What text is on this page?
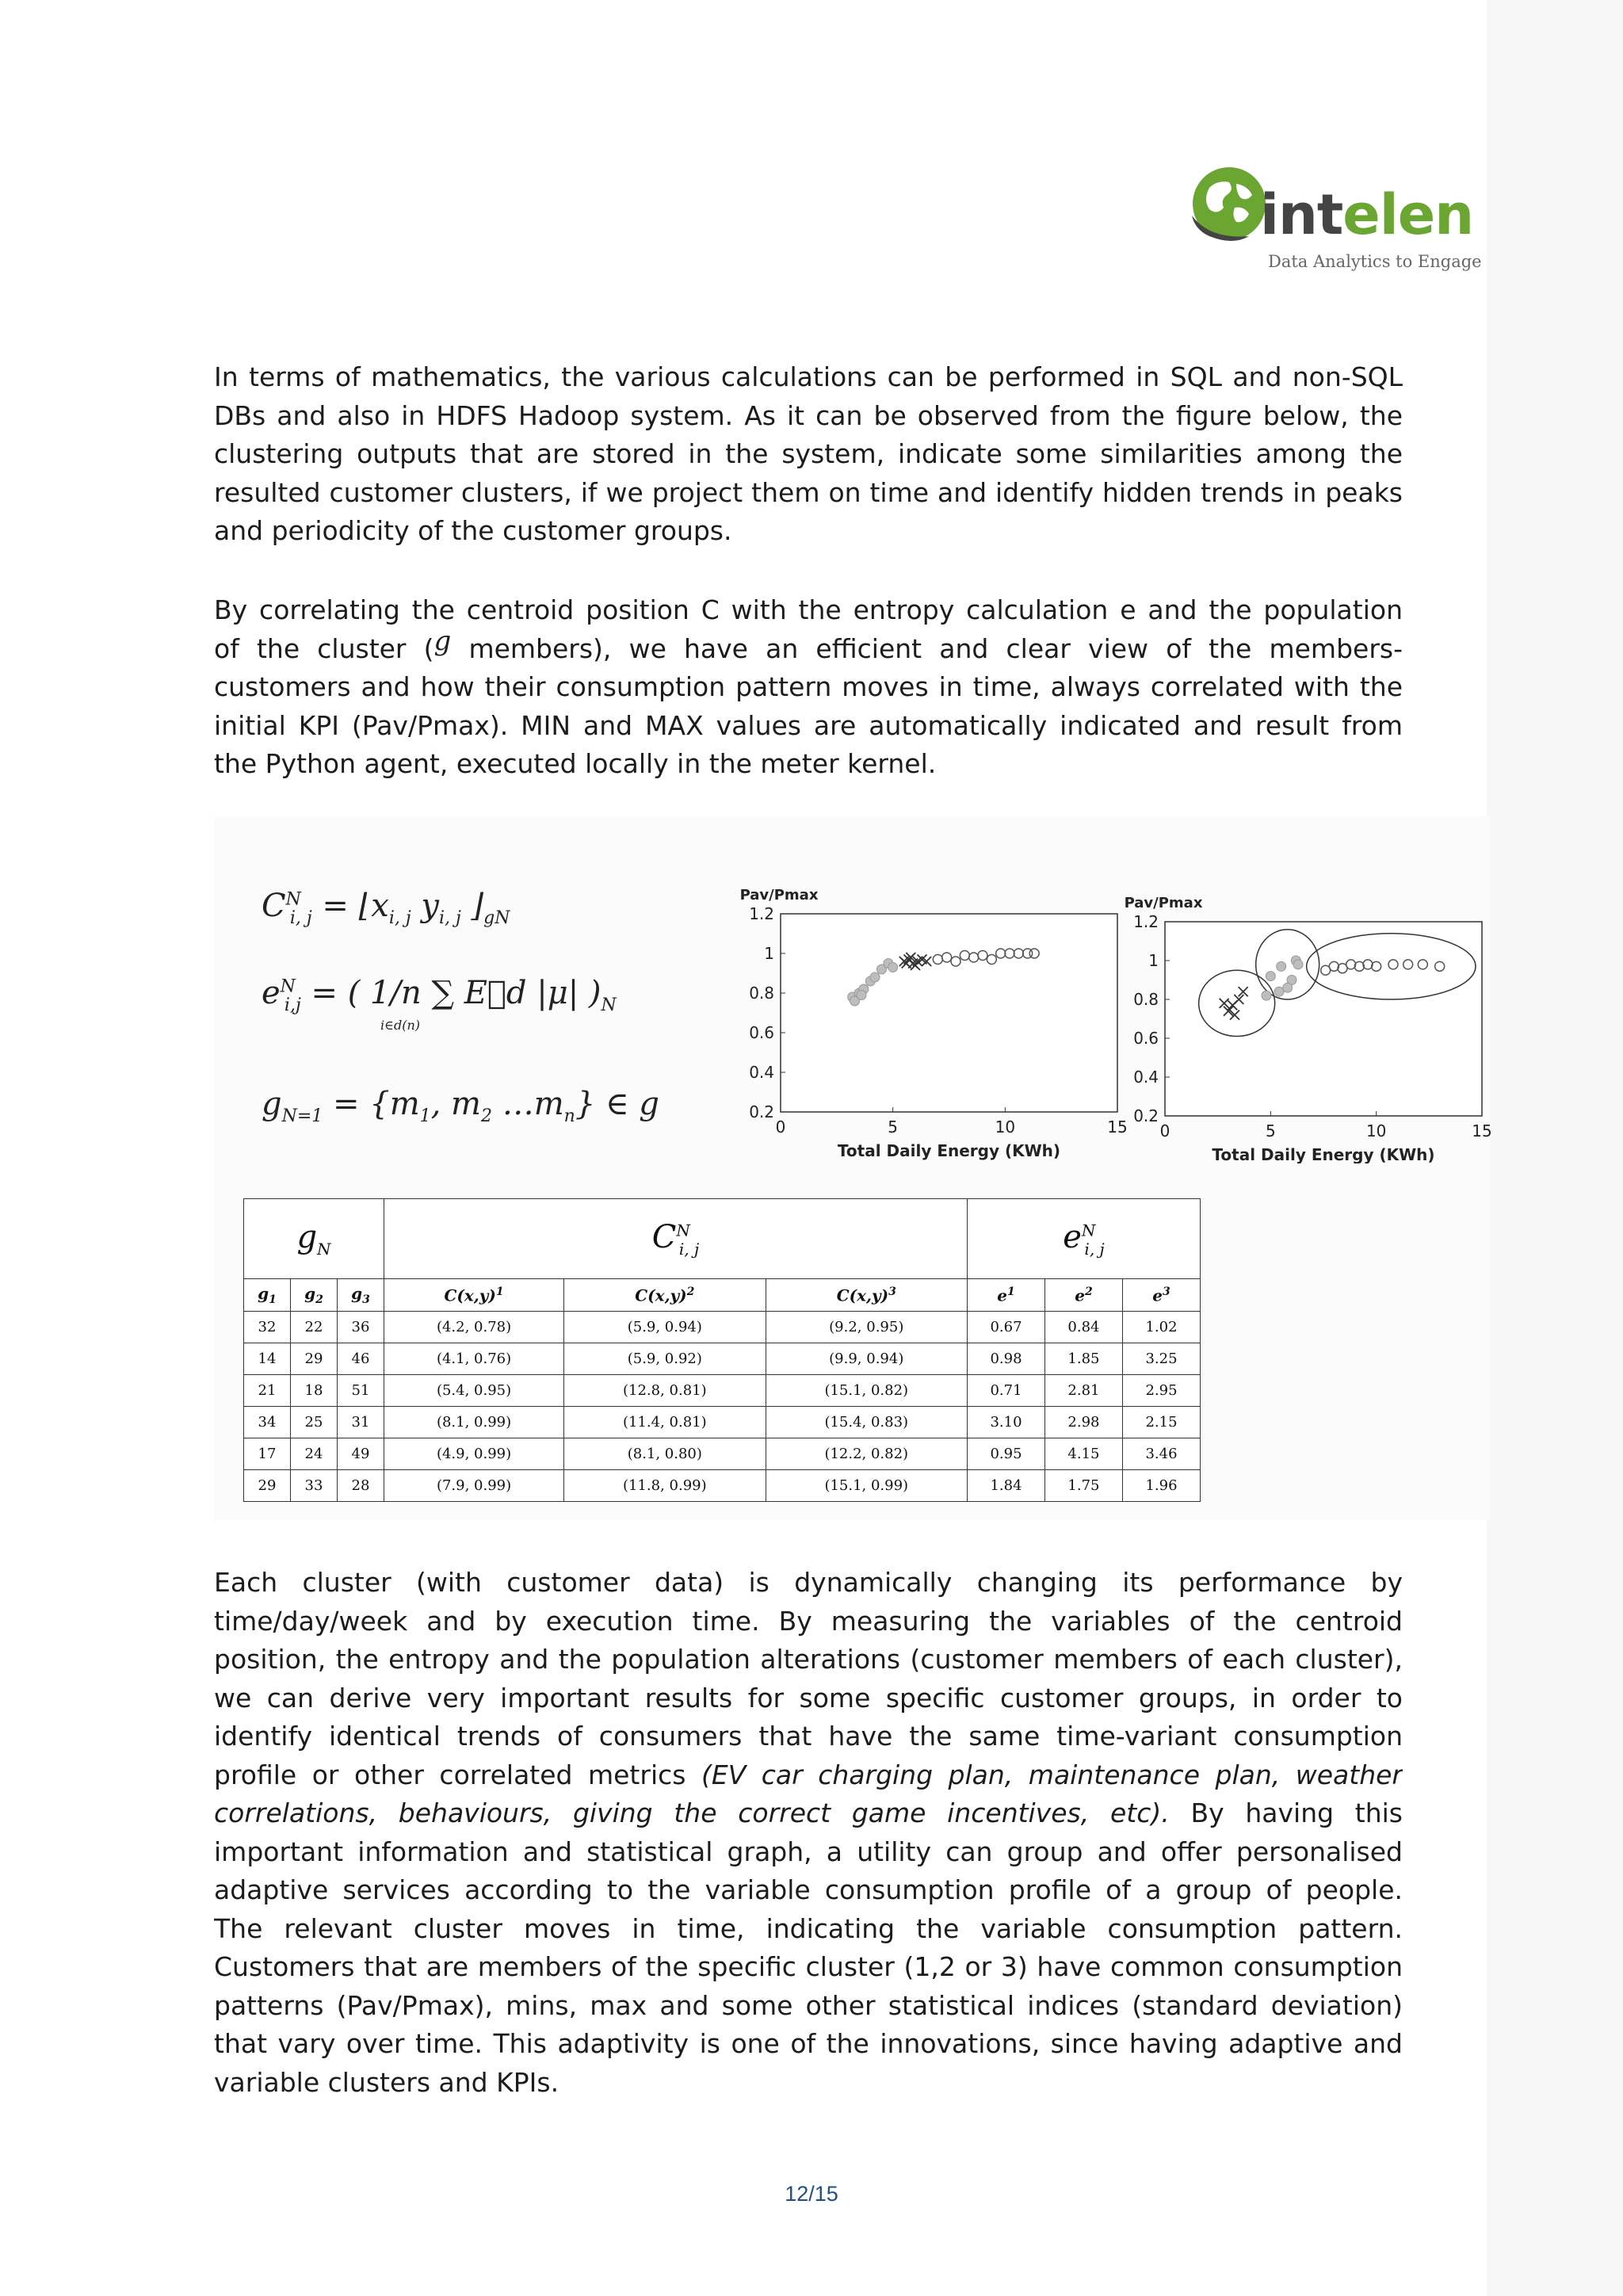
intelen
Data Analytics to Engage
In terms of mathematics, the various calculations can be performed in SQL and non-SQL
DBs and also in HDFS Hadoop system. As it can be observed from the figure below, the
clustering outputs that are stored in the system, indicate some similarities among the
resulted customer clusters, if we project them on time and identify hidden trends in peaks
and periodicity of the customer groups.
By correlating the centroid position C with the entropy calculation e and the population
of the cluster (g members), we have an efficient and clear view of the members-
customers and how their consumption pattern moves in time, always correlated with the
initial KPI (Pav/Pmax). MIN and MAX values are automatically indicated and result from
the Python agent, executed locally in the meter kernel.
$C^N_{i, j}$ = $⌊x_{i, j}$ $y_{i, j}$ $⌋_{gN}$
$e^N_{i,j}$ = ( 1/n ∑ E⃗d |μ| )$_N$
i∈d(n)
$g_{N=1} = \{m_1$, $m_2$ $\dots m_n$} ∈ g	0.2
0.4
0.6
0.8
1
1.2
0	5	10	15
Pav/Pmax
Total Daily Energy (KWh)
0.2
0.4
0.6
0.8
1
1.2
0	5	10	15
Pav/Pmax
Total Daily Energy (KWh)
$g_N$			$C^N_{i, j}$			$e^N_{i, j}$
$g_1$	$g_2$	$g_3$	$C(x,y)^1$	$C(x,y)^2$	$C(x,y)^3$	$e^1$	$e^2$	$e^3$
32	22	36	(4.2, 0.78)	(5.9, 0.94)	(9.2, 0.95)	0.67	0.84	1.02
14	29	46	(4.1, 0.76)	(5.9, 0.92)	(9.9, 0.94)	0.98	1.85	3.25
21	18	51	(5.4, 0.95)	(12.8, 0.81)	(15.1, 0.82)	0.71	2.81	2.95
34	25	31	(8.1, 0.99)	(11.4, 0.81)	(15.4, 0.83)	3.10	2.98	2.15
17	24	49	(4.9, 0.99)	(8.1, 0.80)	(12.2, 0.82)	0.95	4.15	3.46
29	33	28	(7.9, 0.99)	(11.8, 0.99)	(15.1, 0.99)	1.84	1.75	1.96
Each cluster (with customer data) is dynamically changing its performance by
time/day/week and by execution time. By measuring the variables of the centroid
position, the entropy and the population alterations (customer members of each cluster),
we can derive very important results for some specific customer groups, in order to
identify identical trends of consumers that have the same time-variant consumption
profile or other correlated metrics (EV car charging plan, maintenance plan, weather
correlations, behaviours, giving the correct game incentives, etc). By having this
important information and statistical graph, a utility can group and offer personalised
adaptive services according to the variable consumption profile of a group of people.
The relevant cluster moves in time, indicating the variable consumption pattern.
Customers that are members of the specific cluster (1,2 or 3) have common consumption
patterns (Pav/Pmax), mins, max and some other statistical indices (standard deviation)
that vary over time. This adaptivity is one of the innovations, since having adaptive and
variable clusters and KPIs.
12/15
